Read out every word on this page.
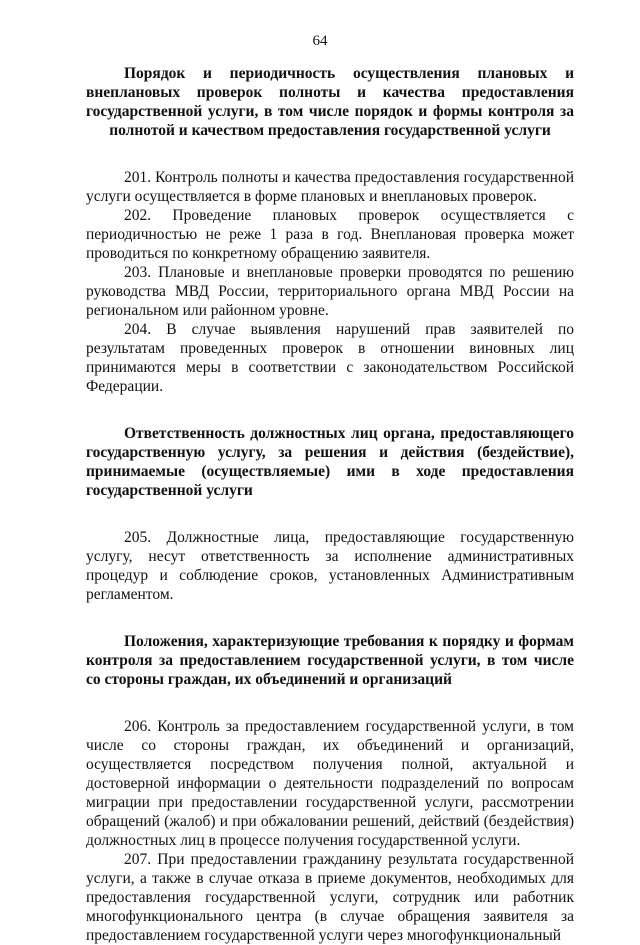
64
Порядок и периодичность осуществления плановых и внеплановых проверок полноты и качества предоставления государственной услуги, в том числе порядок и формы контроля за полнотой и качеством предоставления государственной услуги

201. Контроль полноты и качества предоставления государственной услуги осуществляется в форме плановых и внеплановых проверок.

202. Проведение плановых проверок осуществляется с периодичностью не реже 1 раза в год. Внеплановая проверка может проводиться по конкретному обращению заявителя.

203. Плановые и внеплановые проверки проводятся по решению руководства МВД России, территориального органа МВД России на региональном или районном уровне.

204. В случае выявления нарушений прав заявителей по результатам проведенных проверок в отношении виновных лиц принимаются меры в соответствии с законодательством Российской Федерации.

Ответственность должностных лиц органа, предоставляющего государственную услугу, за решения и действия (бездействие), принимаемые (осуществляемые) ими в ходе предоставления государственной услуги

205. Должностные лица, предоставляющие государственную услугу, несут ответственность за исполнение административных процедур и соблюдение сроков, установленных Административным регламентом.

Положения, характеризующие требования к порядку и формам контроля за предоставлением государственной услуги, в том числе со стороны граждан, их объединений и организаций

206. Контроль за предоставлением государственной услуги, в том числе со стороны граждан, их объединений и организаций, осуществляется посредством получения полной, актуальной и достоверной информации о деятельности подразделений по вопросам миграции при предоставлении государственной услуги, рассмотрении обращений (жалоб) и при обжаловании решений, действий (бездействия) должностных лиц в процессе получения государственной услуги.

207. При предоставлении гражданину результата государственной услуги, а также в случае отказа в приеме документов, необходимых для предоставления государственной услуги, сотрудник или работник многофункционального центра (в случае обращения заявителя за предоставлением государственной услуги через многофункциональный
